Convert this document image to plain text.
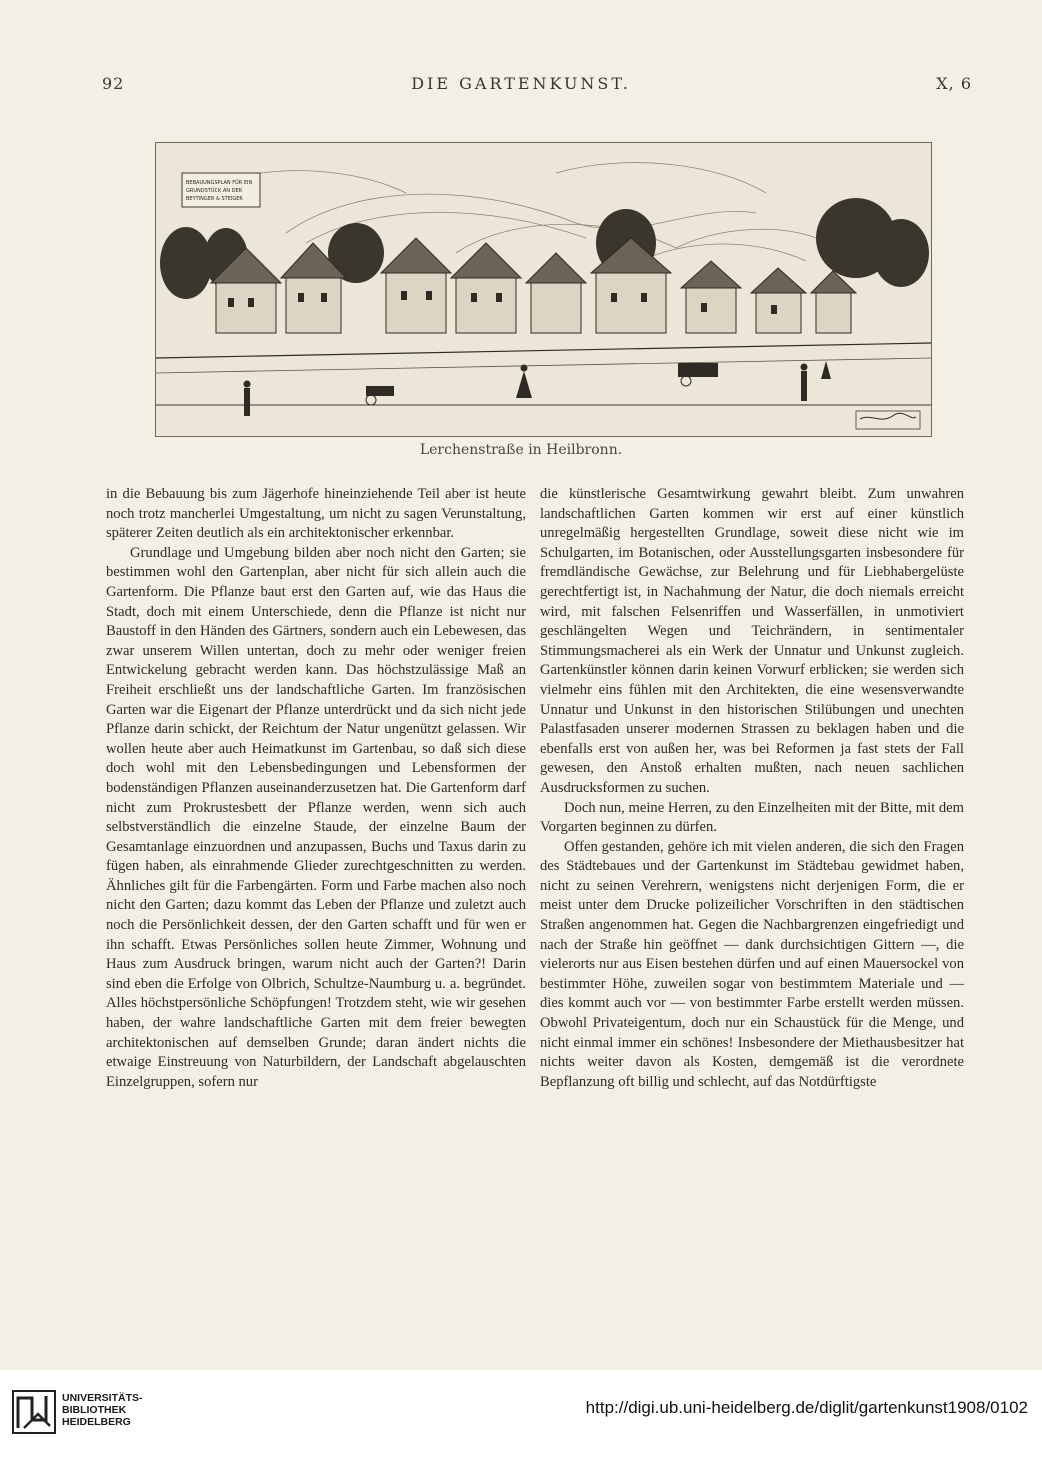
92	DIE GARTENKUNST.	X, 6
BEBAUUNGSPLAN FÜR EIN
GRUNDSTÜCK AN DER
BEYTINGER & STEIGER
Lerchenstraße in Heilbronn.

in die Bebauung bis zum Jägerhofe hineinziehende Teil aber ist heute noch trotz mancherlei Umgestaltung, um nicht zu sagen Verunstaltung, späterer Zeiten deutlich als ein architektonischer erkennbar.

Grundlage und Umgebung bilden aber noch nicht den Garten; sie bestimmen wohl den Gartenplan, aber nicht für sich allein auch die Gartenform. Die Pflanze baut erst den Garten auf, wie das Haus die Stadt, doch mit einem Unterschiede, denn die Pflanze ist nicht nur Baustoff in den Händen des Gärtners, sondern auch ein Lebewesen, das zwar unserem Willen untertan, doch zu mehr oder weniger freien Entwickelung gebracht werden kann. Das höchstzulässige Maß an Freiheit erschließt uns der landschaftliche Garten. Im französischen Garten war die Eigenart der Pflanze unterdrückt und da sich nicht jede Pflanze darin schickt, der Reichtum der Natur ungenützt gelassen. Wir wollen heute aber auch Heimatkunst im Gartenbau, so daß sich diese doch wohl mit den Lebensbedingungen und Lebensformen der bodenständigen Pflanzen auseinanderzusetzen hat. Die Gartenform darf nicht zum Prokrustesbett der Pflanze werden, wenn sich auch selbstverständlich die einzelne Staude, der einzelne Baum der Gesamtanlage einzuordnen und anzupassen, Buchs und Taxus darin zu fügen haben, als einrahmende Glieder zurechtgeschnitten zu werden. Ähnliches gilt für die Farbengärten. Form und Farbe machen also noch nicht den Garten; dazu kommt das Leben der Pflanze und zuletzt auch noch die Persönlichkeit dessen, der den Garten schafft und für wen er ihn schafft. Etwas Persönliches sollen heute Zimmer, Wohnung und Haus zum Ausdruck bringen, warum nicht auch der Garten?! Darin sind eben die Erfolge von Olbrich, Schultze-Naumburg u. a. begründet. Alles höchstpersönliche Schöpfungen! Trotzdem steht, wie wir gesehen haben, der wahre landschaftliche Garten mit dem freier bewegten architektonischen auf demselben Grunde; daran ändert nichts die etwaige Einstreuung von Naturbildern, der Landschaft abgelauschten Einzelgruppen, sofern nur

die künstlerische Gesamtwirkung gewahrt bleibt. Zum unwahren landschaftlichen Garten kommen wir erst auf einer künstlich unregelmäßig hergestellten Grundlage, soweit diese nicht wie im Schulgarten, im Botanischen, oder Ausstellungsgarten insbesondere für fremdländische Gewächse, zur Belehrung und für Liebhabergelüste gerechtfertigt ist, in Nachahmung der Natur, die doch niemals erreicht wird, mit falschen Felsenriffen und Wasserfällen, in unmotiviert geschlängelten Wegen und Teichrändern, in sentimentaler Stimmungsmacherei als ein Werk der Unnatur und Unkunst zugleich. Gartenkünstler können darin keinen Vorwurf erblicken; sie werden sich vielmehr eins fühlen mit den Architekten, die eine wesensverwandte Unnatur und Unkunst in den historischen Stilübungen und unechten Palastfasaden unserer modernen Strassen zu beklagen haben und die ebenfalls erst von außen her, was bei Reformen ja fast stets der Fall gewesen, den Anstoß erhalten mußten, nach neuen sachlichen Ausdrucksformen zu suchen.

Doch nun, meine Herren, zu den Einzelheiten mit der Bitte, mit dem Vorgarten beginnen zu dürfen.

Offen gestanden, gehöre ich mit vielen anderen, die sich den Fragen des Städtebaues und der Gartenkunst im Städtebau gewidmet haben, nicht zu seinen Verehrern, wenigstens nicht derjenigen Form, die er meist unter dem Drucke polizeilicher Vorschriften in den städtischen Straßen angenommen hat. Gegen die Nachbargrenzen eingefriedigt und nach der Straße hin geöffnet — dank durchsichtigen Gittern —, die vielerorts nur aus Eisen bestehen dürfen und auf einen Mauersockel von bestimmter Höhe, zuweilen sogar von bestimmtem Materiale und — dies kommt auch vor — von bestimmter Farbe erstellt werden müssen. Obwohl Privateigentum, doch nur ein Schaustück für die Menge, und nicht einmal immer ein schönes! Insbesondere der Miethausbesitzer hat nichts weiter davon als Kosten, demgemäß ist die verordnete Bepflanzung oft billig und schlecht, auf das Notdürftigste

UNIVERSITÄTS-
BIBLIOTHEK
HEIDELBERG
http://digi.ub.uni-heidelberg.de/diglit/gartenkunst1908/0102
